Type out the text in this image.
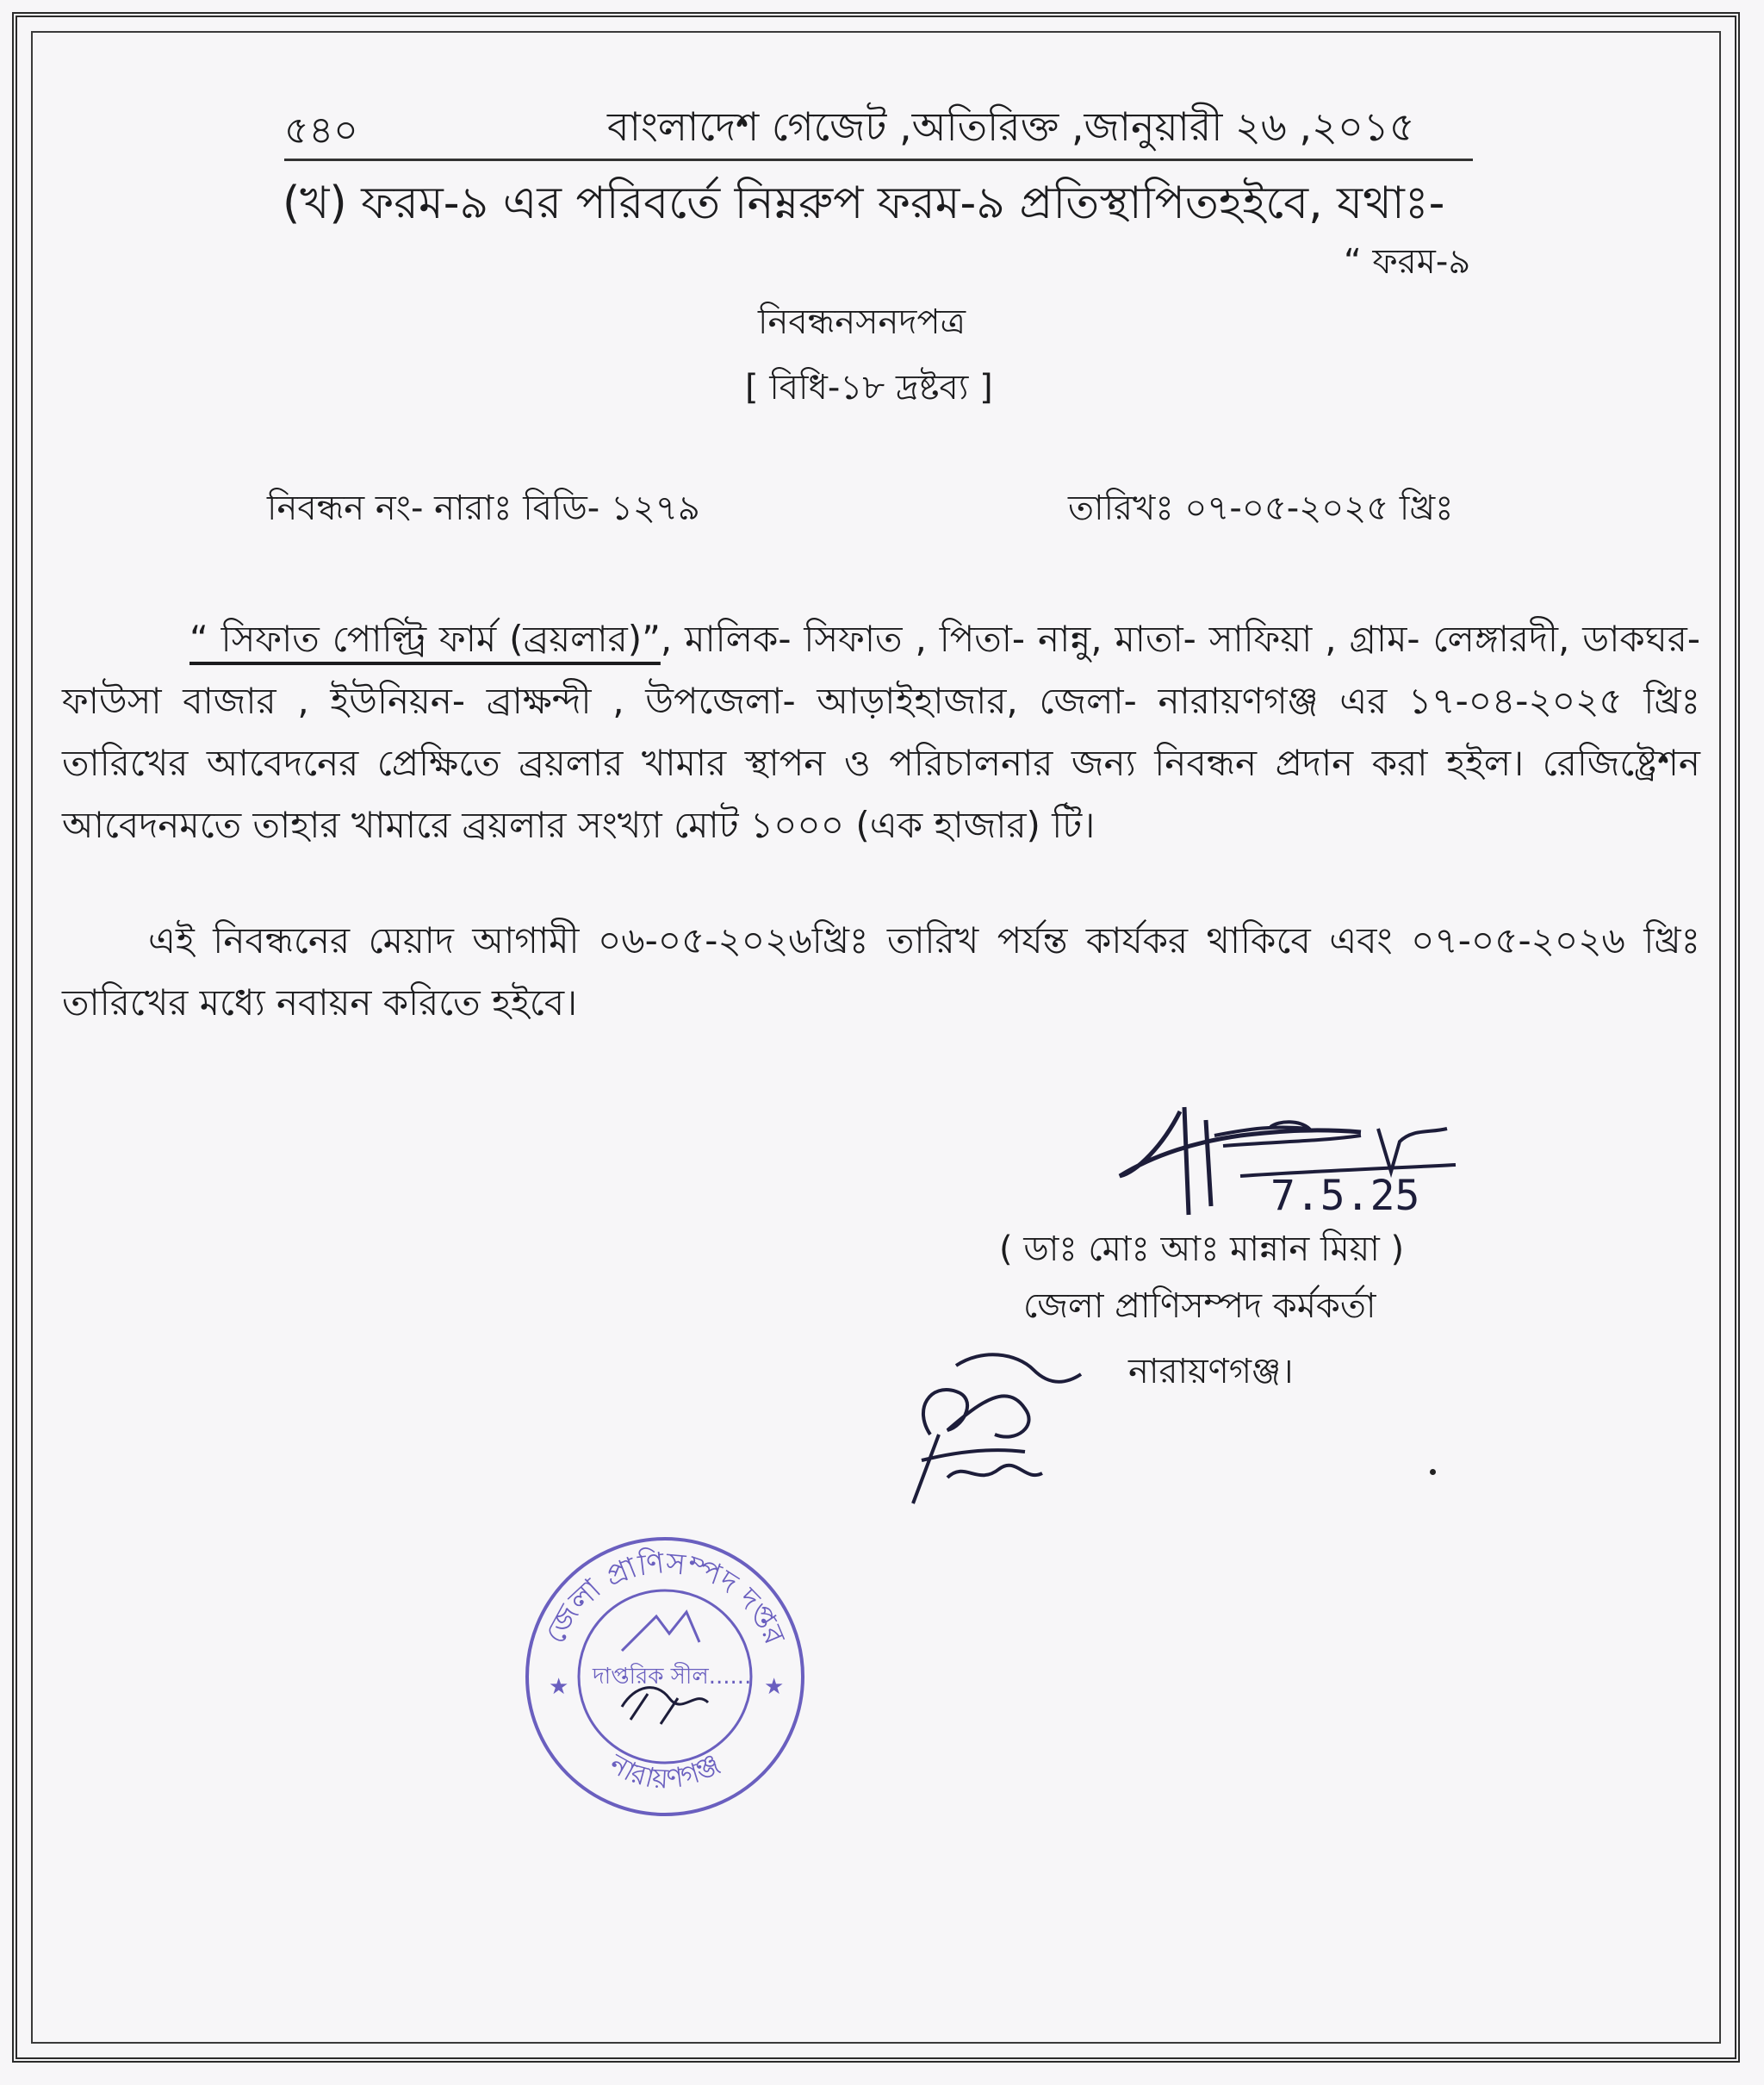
৫৪০	বাংলাদেশ গেজেট ,অতিরিক্ত ,জানুয়ারী ২৬ ,২০১৫
(খ) ফরম-৯ এর পরিবর্তে নিম্নরুপ ফরম-৯ প্রতিস্থাপিতহইবে, যথাঃ-
“ ফরম-৯
নিবন্ধনসনদপত্র
[ বিধি-১৮ দ্রষ্টব্য ]
নিবন্ধন নং- নারাঃ বিডি- ১২৭৯	তারিখঃ ০৭-০৫-২০২৫ খ্রিঃ
“ সিফাত পোল্ট্রি ফার্ম (ব্রয়লার)”, মালিক- সিফাত , পিতা- নান্নু, মাতা- সাফিয়া , গ্রাম- লেঙ্গারদী, ডাকঘর- ফাউসা বাজার , ইউনিয়ন- ব্রাক্ষন্দী , উপজেলা- আড়াইহাজার, জেলা- নারায়ণগঞ্জ এর ১৭-০৪-২০২৫ খ্রিঃ তারিখের আবেদনের প্রেক্ষিতে ব্রয়লার খামার স্থাপন ও পরিচালনার জন্য নিবন্ধন প্রদান করা হইল। রেজিষ্ট্রেশন আবেদনমতে তাহার খামারে ব্রয়লার সংখ্যা মোট ১০০০ (এক হাজার) টি।
এই নিবন্ধনের মেয়াদ আগামী ০৬-০৫-২০২৬খ্রিঃ তারিখ পর্যন্ত কার্যকর থাকিবে এবং ০৭-০৫-২০২৬ খ্রিঃ তারিখের মধ্যে নবায়ন করিতে হইবে।
7.5.25
( ডাঃ মোঃ আঃ মান্নান মিয়া )
জেলা প্রাণিসম্পদ কর্মকর্তা
নারায়ণগঞ্জ।
জেলা প্রাণিসম্পদ দপ্তর
নারায়ণগঞ্জ
★	★
দাপ্তরিক সীল......
